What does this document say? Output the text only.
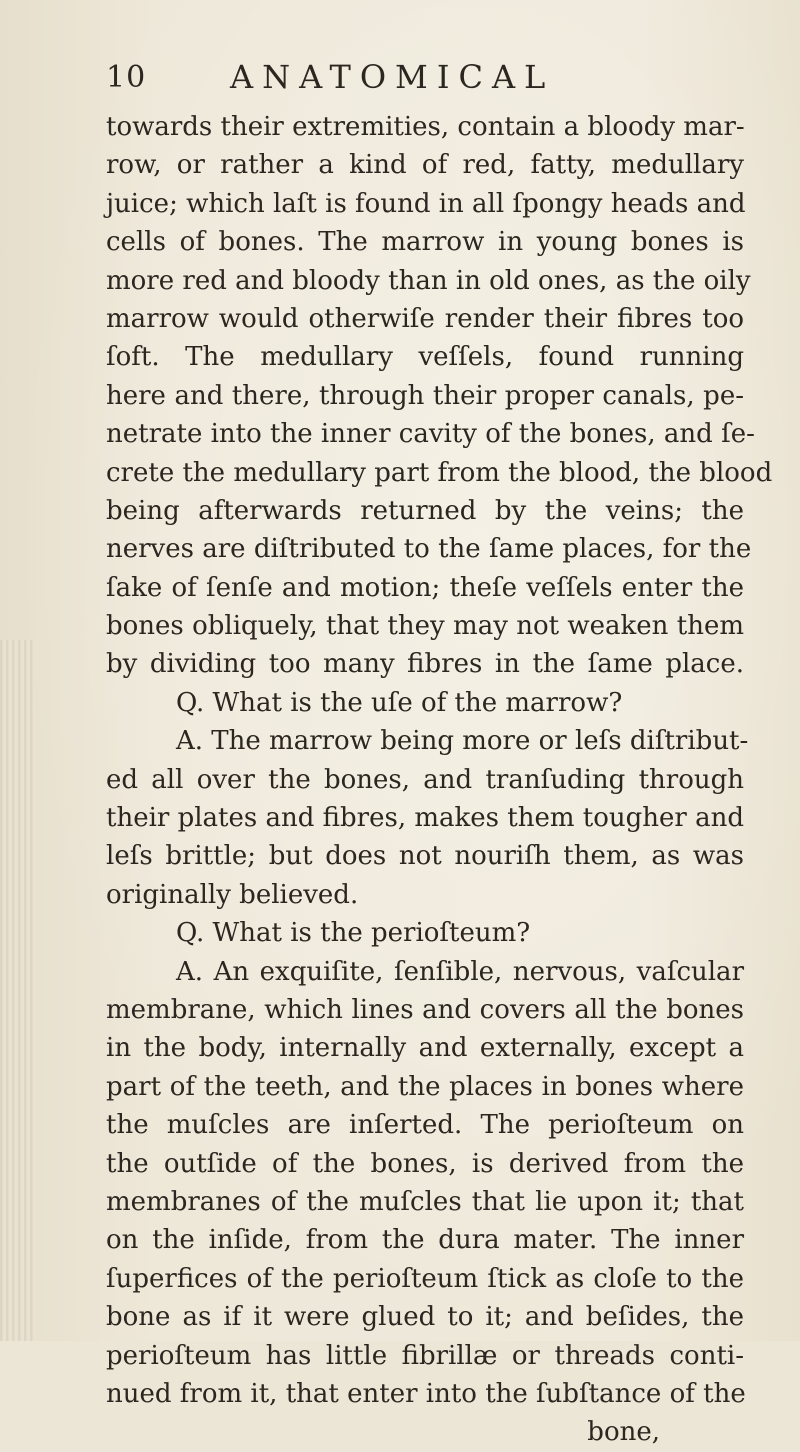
10	ANATOMICAL
towards their extremities, contain a bloody mar-
row, or rather a kind of red, fatty, medullary
juice; which laſt is found in all ſpongy heads and
cells of bones. The marrow in young bones is
more red and bloody than in old ones, as the oily
marrow would otherwiſe render their fibres too
ſoft. The medullary veſſels, found running
here and there, through their proper canals, pe-
netrate into the inner cavity of the bones, and ſe-
crete the medullary part from the blood, the blood
being afterwards returned by the veins; the
nerves are diſtributed to the ſame places, for the
ſake of ſenſe and motion; theſe veſſels enter the
bones obliquely, that they may not weaken them
by dividing too many fibres in the ſame place.
Q. What is the uſe of the marrow?
A. The marrow being more or leſs diſtribut-
ed all over the bones, and tranſuding through
their plates and fibres, makes them tougher and
leſs brittle; but does not nouriſh them, as was
originally believed.
Q. What is the perioſteum?
A. An exquiſite, ſenſible, nervous, vaſcular
membrane, which lines and covers all the bones
in the body, internally and externally, except a
part of the teeth, and the places in bones where
the muſcles are inſerted. The perioſteum on
the outſide of the bones, is derived from the
membranes of the muſcles that lie upon it; that
on the inſide, from the dura mater. The inner
ſuperfices of the perioſteum ſtick as cloſe to the
bone as if it were glued to it; and beſides, the
perioſteum has little fibrillæ or threads conti-
nued from it, that enter into the ſubſtance of the
bone,
